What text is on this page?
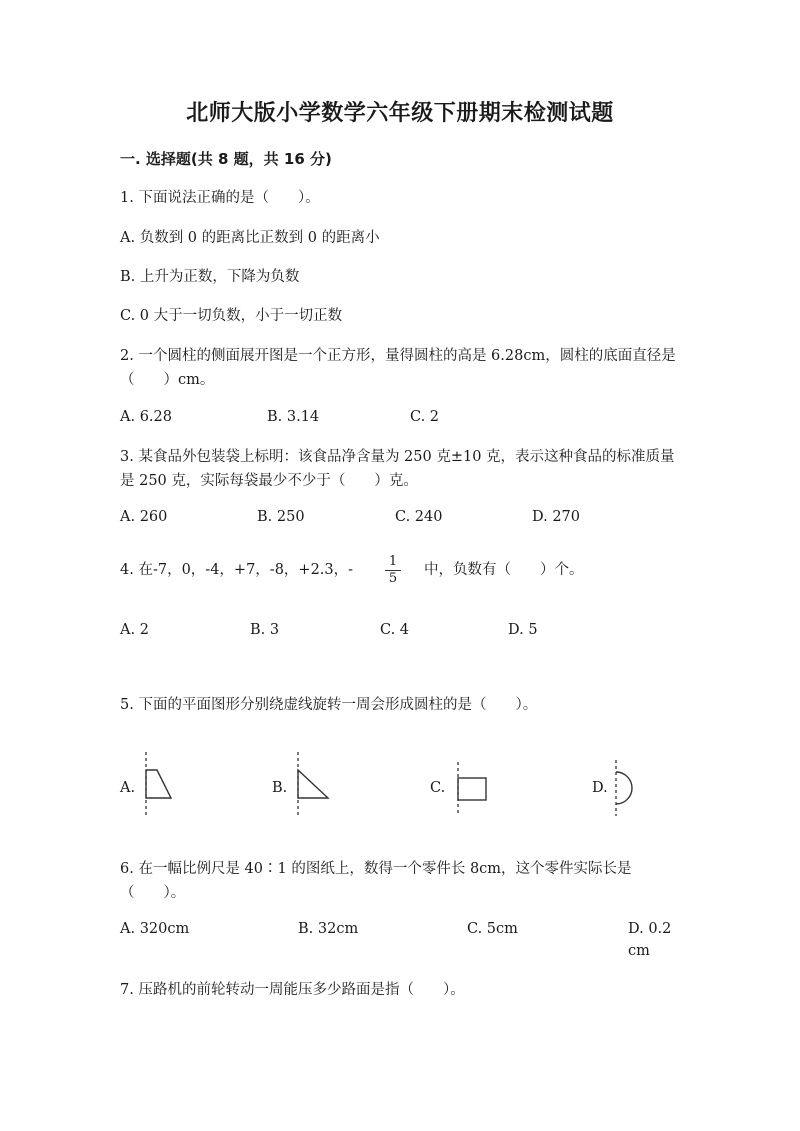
北师大版小学数学六年级下册期末检测试题
一. 选择题(共 8 题，共 16 分)
1. 下面说法正确的是（　　）。
A. 负数到 0 的距离比正数到 0 的距离小
B. 上升为正数，下降为负数
C. 0 大于一切负数，小于一切正数
2. 一个圆柱的侧面展开图是一个正方形，量得圆柱的高是 6.28cm，圆柱的底面直径是（　　）cm。
A. 6.28	B. 3.14	C. 2
3. 某食品外包装袋上标明：该食品净含量为 250 克±10 克，表示这种食品的标准质量是 250 克，实际每袋最少不少于（　　）克。
A. 260	B. 250	C. 240	D. 270
4. 在-7，0，-4，+7，-8，+2.3，- $\frac{1}{5}$ 中，负数有（　　）个。
A. 2	B. 3	C. 4	D. 5
5. 下面的平面图形分别绕虚线旋转一周会形成圆柱的是（　　）。
A.	B.	C.	D.
6. 在一幅比例尺是 40∶1 的图纸上，数得一个零件长 8cm，这个零件实际长是（　　）。
A. 320cm	B. 32cm	C. 5cm	D. 0.2cm
7. 压路机的前轮转动一周能压多少路面是指（　　）。
